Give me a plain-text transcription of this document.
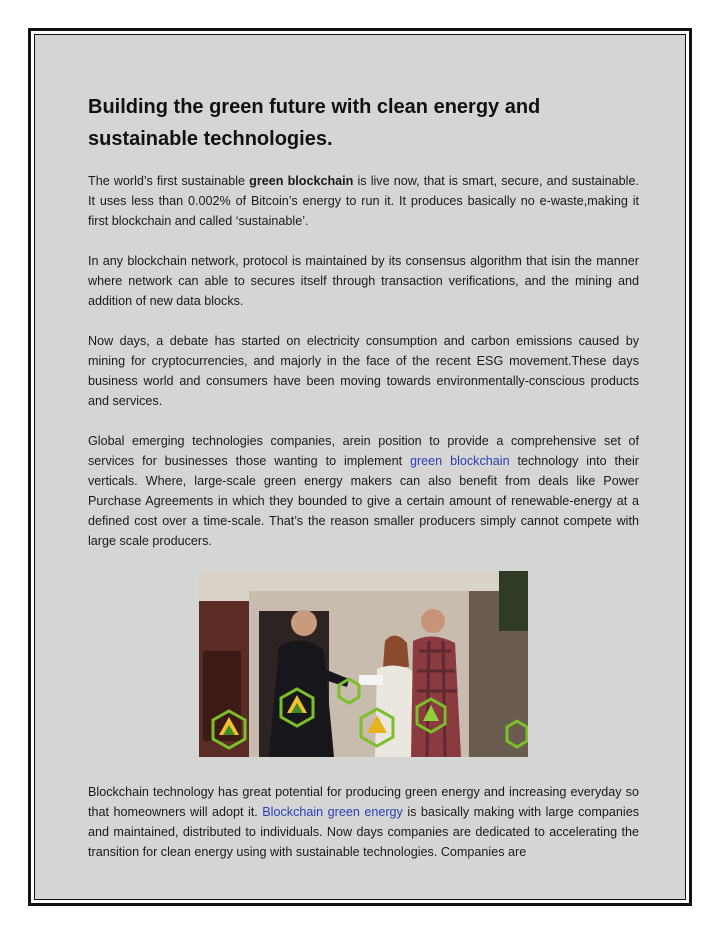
Building the green future with clean energy and sustainable technologies.

The world’s first sustainable green blockchain is live now, that is smart, secure, and sustainable. It uses less than 0.002% of Bitcoin’s energy to run it. It produces basically no e-waste,making it first blockchain and called ‘sustainable’.

In any blockchain network, protocol is maintained by its consensus algorithm that isin the manner where network can able to secures itself through transaction verifications, and the mining and addition of new data blocks.

Now days, a debate has started on electricity consumption and carbon emissions caused by mining for cryptocurrencies, and majorly in the face of the recent ESG movement.These days business world and consumers have been moving towards environmentally-conscious products and services.

Global emerging technologies companies, arein position to provide a comprehensive set of services for businesses those wanting to implement green blockchain technology into their verticals. Where, large-scale green energy makers can also benefit from deals like Power Purchase Agreements in which they bounded to give a certain amount of renewable-energy at a defined cost over a time-scale. That’s the reason smaller producers simply cannot compete with large scale producers.

Blockchain technology has great potential for producing green energy and increasing everyday so that homeowners will adopt it. Blockchain green energy is basically making with large companies and maintained, distributed to individuals. Now days companies are dedicated to accelerating the transition for clean energy using with sustainable technologies. Companies are
